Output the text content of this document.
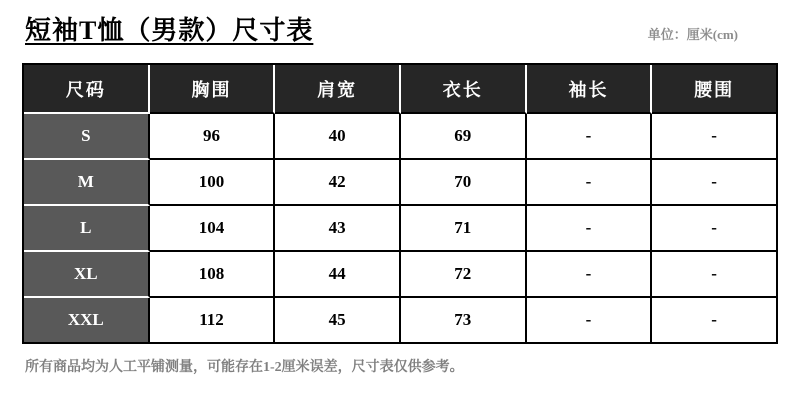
短袖T恤（男款）尺寸表	单位：厘米(cm)
尺码	胸围	肩宽	衣长	袖长	腰围
S	96	40	69	-	-
M	100	42	70	-	-
L	104	43	71	-	-
XL	108	44	72	-	-
XXL	112	45	73	-	-
所有商品均为人工平铺测量，可能存在1-2厘米误差，尺寸表仅供参考。
